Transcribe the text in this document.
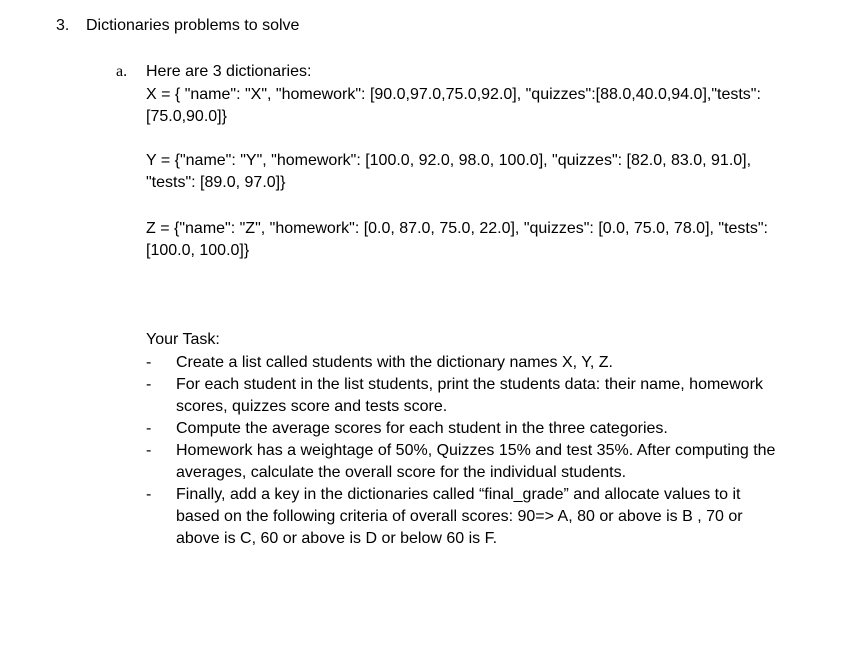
3. Dictionaries problems to solve
a. Here are 3 dictionaries:
X = { "name": "X", "homework": [90.0,97.0,75.0,92.0], "quizzes":[88.0,40.0,94.0],"tests":
[75.0,90.0]}
Y = {"name": "Y", "homework": [100.0, 92.0, 98.0, 100.0], "quizzes": [82.0, 83.0, 91.0],
"tests": [89.0, 97.0]}
Z = {"name": "Z", "homework": [0.0, 87.0, 75.0, 22.0], "quizzes": [0.0, 75.0, 78.0], "tests":
[100.0, 100.0]}
Your Task:
-	Create a list called students with the dictionary names X, Y, Z.
-	For each student in the list students, print the students data: their name, homework
scores, quizzes score and tests score.
-	Compute the average scores for each student in the three categories.
-	Homework has a weightage of 50%, Quizzes 15% and test 35%. After computing the
averages, calculate the overall score for the individual students.
-	Finally, add a key in the dictionaries called “final_grade” and allocate values to it
based on the following criteria of overall scores: 90=> A, 80 or above is B , 70 or
above is C, 60 or above is D or below 60 is F.
